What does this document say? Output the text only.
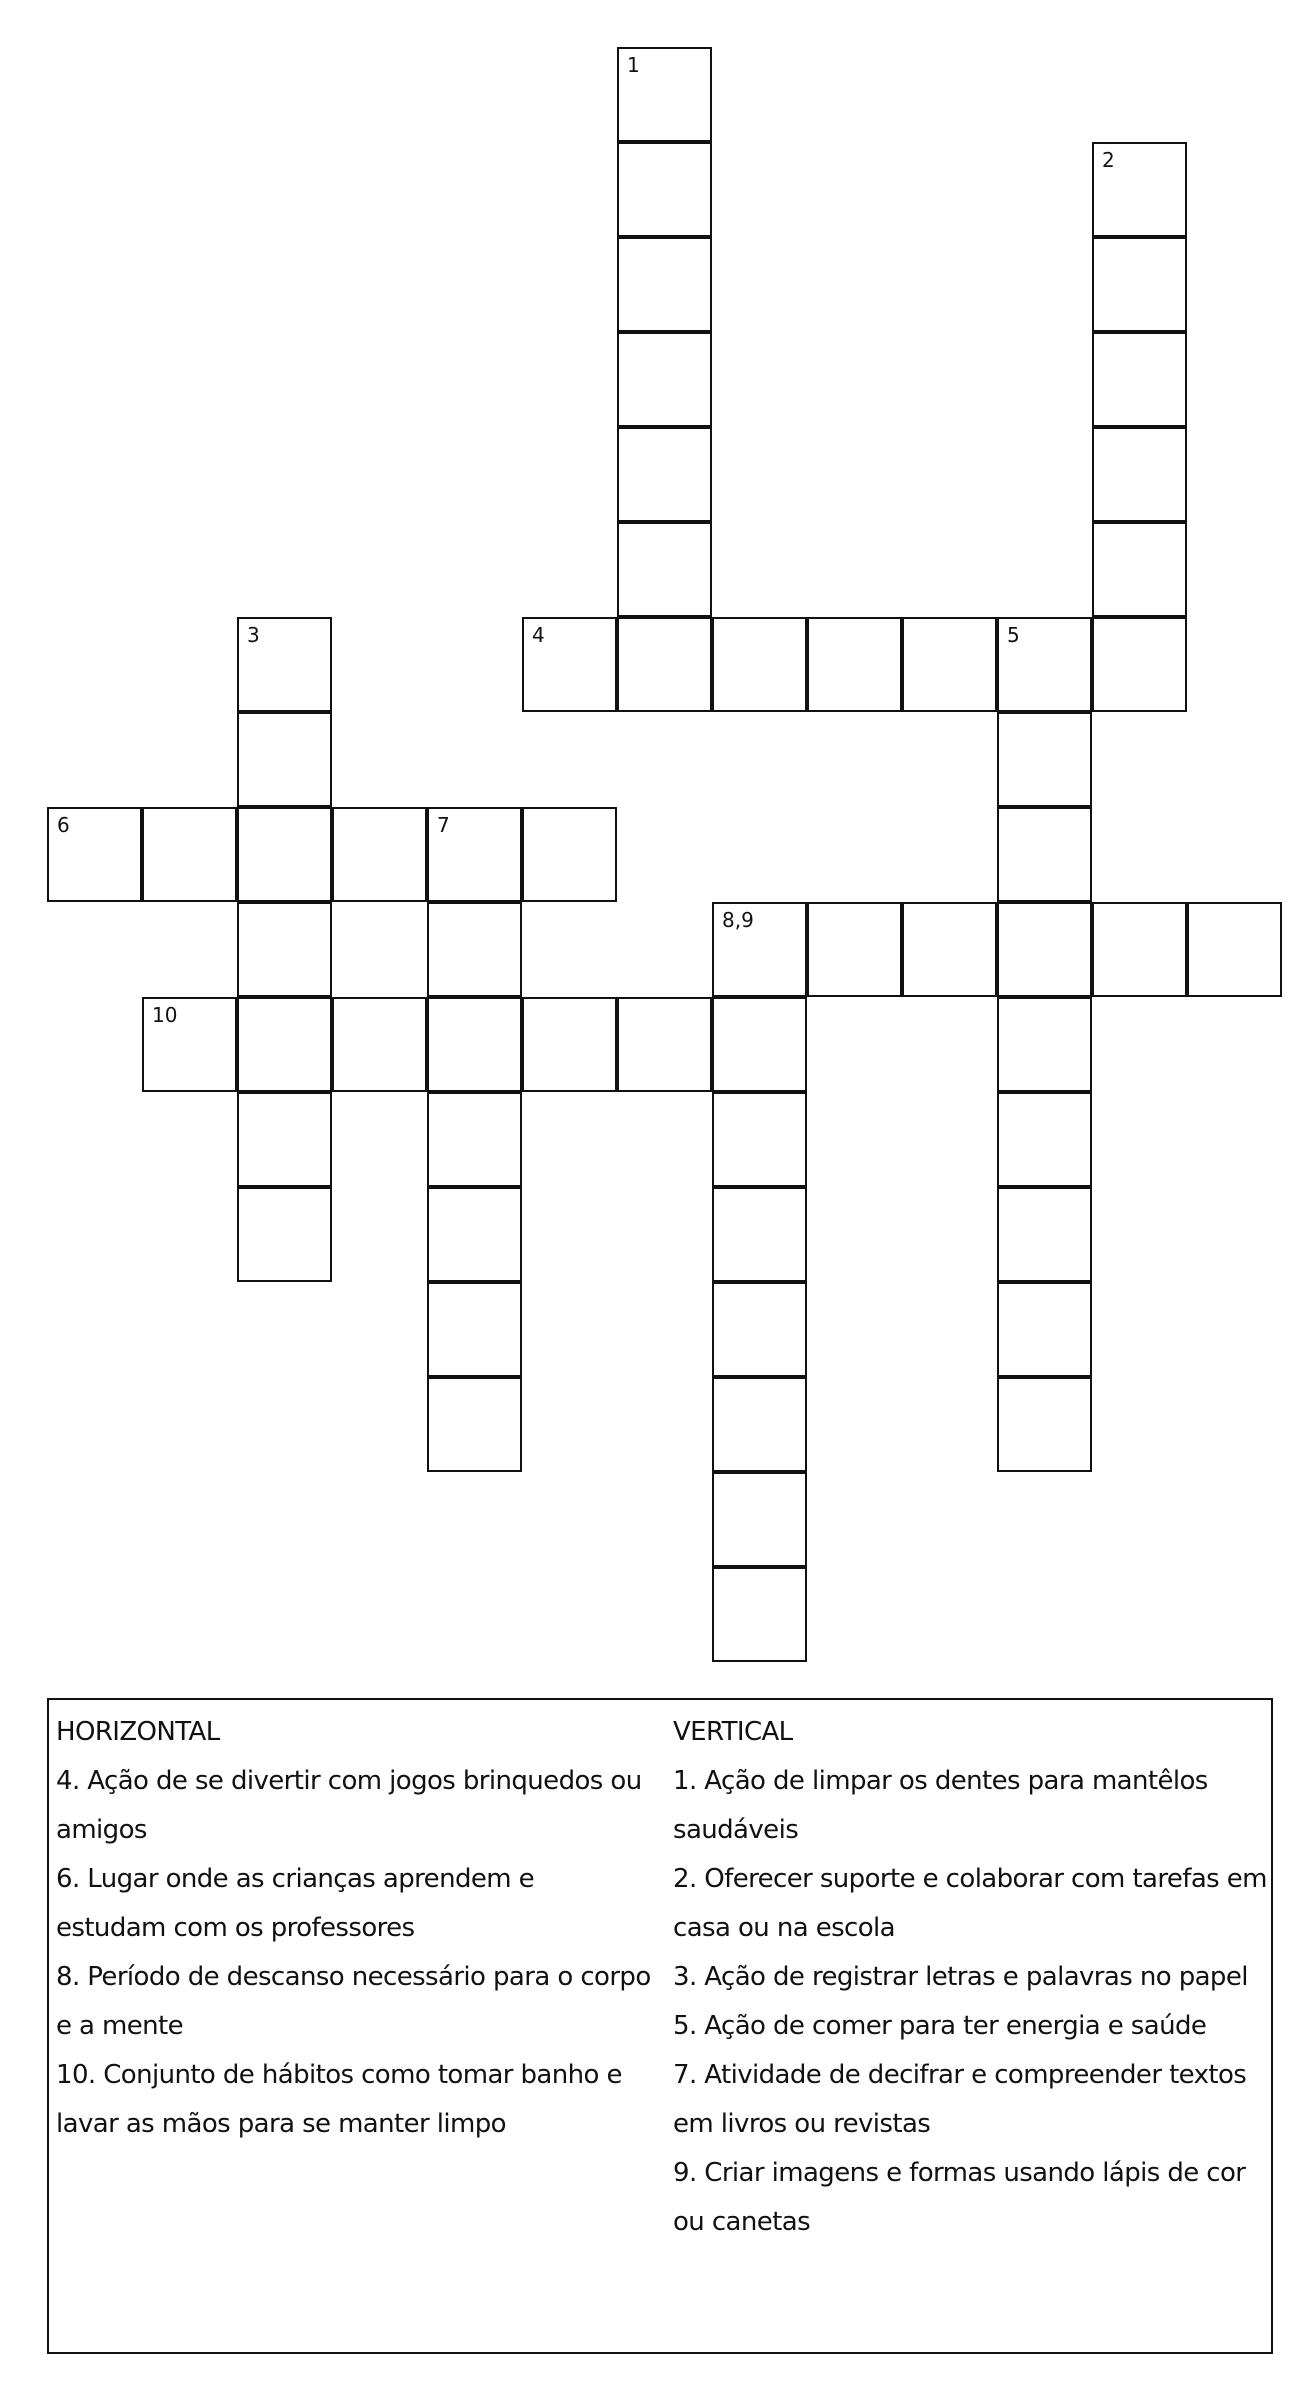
1
2
4	5
3
6	7
8,9
10
HORIZONTAL

4. Ação de se divertir com jogos brinquedos ou amigos

6. Lugar onde as crianças aprendem e estudam com os professores

8. Período de descanso necessário para o corpo e a mente

10. Conjunto de hábitos como tomar banho e lavar as mãos para se manter limpo

VERTICAL

1. Ação de limpar os dentes para mantêlos saudáveis

2. Oferecer suporte e colaborar com tarefas em casa ou na escola

3. Ação de registrar letras e palavras no papel

5. Ação de comer para ter energia e saúde

7. Atividade de decifrar e compreender textos em livros ou revistas

9. Criar imagens e formas usando lápis de cor ou canetas
